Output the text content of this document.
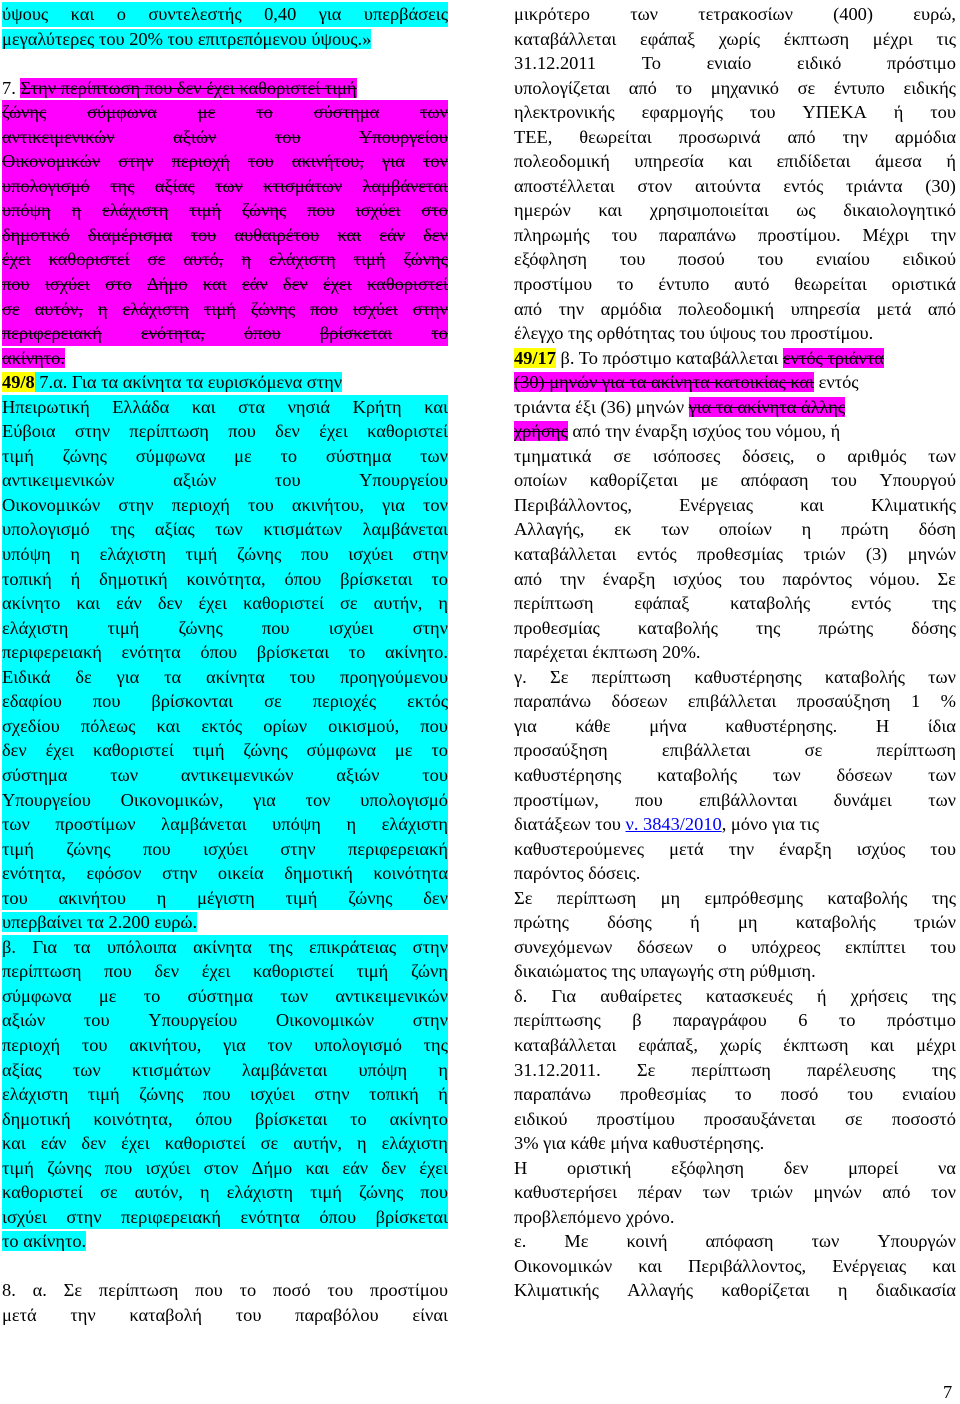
ύψους και ο συντελεστής 0,40 για υπερβάσεις
μεγαλύτερες του 20% του επιτρεπόμενου ύψους.»
7. Στην περίπτωση που δεν έχει καθοριστεί τιμή
ζώνης σύμφωνα με το σύστημα των
αντικειμενικών	αξιών	του	Υπουργείου
Οικονομικών στην περιοχή του ακινήτου, για τον
υπολογισμό της αξίας των κτισμάτων λαμβάνεται
υπόψη η ελάχιστη τιμή ζώνης που ισχύει στο
δημοτικό διαμέρισμα του αυθαιρέτου και εάν δεν
έχει καθοριστεί σε αυτό, η ελάχιστη τιμή ζώνης
που ισχύει στο Δήμο και εάν δεν έχει καθοριστεί
σε αυτόν, η ελάχιστη τιμή ζώνης που ισχύει στην
περιφερειακή ενότητα, όπου βρίσκεται το
ακίνητο.
49/8 7.α. Για τα ακίνητα τα ευρισκόμενα στην
Ηπειρωτική Ελλάδα και στα νησιά Κρήτη και
Εύβοια στην περίπτωση που δεν έχει καθοριστεί
τιμή ζώνης σύμφωνα με το σύστημα των
αντικειμενικών	αξιών	του	Υπουργείου
Οικονομικών στην περιοχή του ακινήτου, για τον
υπολογισμό της αξίας των κτισμάτων λαμβάνεται
υπόψη η ελάχιστη τιμή ζώνης που ισχύει στην
τοπική ή δημοτική κοινότητα, όπου βρίσκεται το
ακίνητο και εάν δεν έχει καθοριστεί σε αυτήν, η
ελάχιστη τιμή ζώνης που ισχύει στην
περιφερειακή ενότητα όπου βρίσκεται το ακίνητο.
Ειδικά δε για τα ακίνητα του προηγούμενου
εδαφίου που βρίσκονται σε περιοχές εκτός
σχεδίου πόλεως και εκτός ορίων οικισμού, που
δεν έχει καθοριστεί τιμή ζώνης σύμφωνα με το
σύστημα των αντικειμενικών αξιών του
Υπουργείου Οικονομικών, για τον υπολογισμό
των προστίμων λαμβάνεται υπόψη η ελάχιστη
τιμή ζώνης που ισχύει στην περιφερειακή
ενότητα, εφόσον στην οικεία δημοτική κοινότητα
του ακινήτου η μέγιστη τιμή ζώνης δεν
υπερβαίνει τα 2.200 ευρώ.
β. Για τα υπόλοιπα ακίνητα της επικράτειας στην
περίπτωση που δεν έχει καθοριστεί τιμή ζώνη
σύμφωνα με το σύστημα των αντικειμενικών
αξιών του Υπουργείου Οικονομικών στην
περιοχή του ακινήτου, για τον υπολογισμό της
αξίας των κτισμάτων λαμβάνεται υπόψη η
ελάχιστη τιμή ζώνης που ισχύει στην τοπική ή
δημοτική κοινότητα, όπου βρίσκεται το ακίνητο
και εάν δεν έχει καθοριστεί σε αυτήν, η ελάχιστη
τιμή ζώνης που ισχύει στον Δήμο και εάν δεν έχει
καθοριστεί σε αυτόν, η ελάχιστη τιμή ζώνης που
ισχύει στην περιφερειακή ενότητα όπου βρίσκεται
το ακίνητο.
8. α. Σε περίπτωση που το ποσό του προστίμου
μετά την καταβολή του παραβόλου είναι
μικρότερο των τετρακοσίων (400) ευρώ,
καταβάλλεται εφάπαξ χωρίς έκπτωση μέχρι τις
31.12.2011 Το ενιαίο ειδικό πρόστιμο
υπολογίζεται από το μηχανικό σε έντυπο ειδικής
ηλεκτρονικής εφαρμογής του ΥΠΕΚΑ ή του
ΤΕΕ, θεωρείται προσωρινά από την αρμόδια
πολεοδομική υπηρεσία και επιδίδεται άμεσα ή
αποστέλλεται στον αιτούντα εντός τριάντα (30)
ημερών και χρησιμοποιείται ως δικαιολογητικό
πληρωμής του παραπάνω προστίμου. Μέχρι την
εξόφληση του ποσού του ενιαίου ειδικού
προστίμου το έντυπο αυτό θεωρείται οριστικά
από την αρμόδια πολεοδομική υπηρεσία μετά από
έλεγχο της ορθότητας του ύψους του προστίμου.
49/17 β. Το πρόστιμο καταβάλλεται εντός τριάντα
(30) μηνών για τα ακίνητα κατοικίας και εντός
τριάντα έξι (36) μηνών για τα ακίνητα άλλης
χρήσης από την έναρξη ισχύος του νόμου, ή
τμηματικά σε ισόποσες δόσεις, ο αριθμός των
οποίων καθορίζεται με απόφαση του Υπουργού
Περιβάλλοντος,	Ενέργειας	και	Κλιματικής
Αλλαγής, εκ των οποίων η πρώτη δόση
καταβάλλεται εντός προθεσμίας τριών (3) μηνών
από την έναρξη ισχύος του παρόντος νόμου. Σε
περίπτωση εφάπαξ καταβολής εντός της
προθεσμίας καταβολής της πρώτης δόσης
παρέχεται έκπτωση 20%.
γ. Σε περίπτωση καθυστέρησης καταβολής των
παραπάνω δόσεων επιβάλλεται προσαύξηση 1 %
για κάθε μήνα καθυστέρησης. Η ίδια
προσαύξηση	επιβάλλεται	σε	περίπτωση
καθυστέρησης καταβολής των δόσεων των
προστίμων, που επιβάλλονται δυνάμει των
διατάξεων του ν. 3843/2010, μόνο για τις
καθυστερούμενες μετά την έναρξη ισχύος του
παρόντος δόσεις.
Σε περίπτωση μη εμπρόθεσμης καταβολής της
πρώτης δόσης ή μη καταβολής τριών
συνεχόμενων δόσεων ο υπόχρεος εκπίπτει του
δικαιώματος της υπαγωγής στη ρύθμιση.
δ. Για αυθαίρετες κατασκευές ή χρήσεις της
περίπτωσης β παραγράφου 6 το πρόστιμο
καταβάλλεται εφάπαξ, χωρίς έκπτωση και μέχρι
31.12.2011. Σε περίπτωση παρέλευσης της
παραπάνω προθεσμίας το ποσό του ενιαίου
ειδικού προστίμου προσαυξάνεται σε ποσοστό
3% για κάθε μήνα καθυστέρησης.
Η οριστική εξόφληση δεν μπορεί να
καθυστερήσει πέραν των τριών μηνών από τον
προβλεπόμενο χρόνο.
ε. Με κοινή απόφαση των Υπουργών
Οικονομικών και Περιβάλλοντος, Ενέργειας και
Κλιματικής Αλλαγής καθορίζεται η διαδικασία
7
